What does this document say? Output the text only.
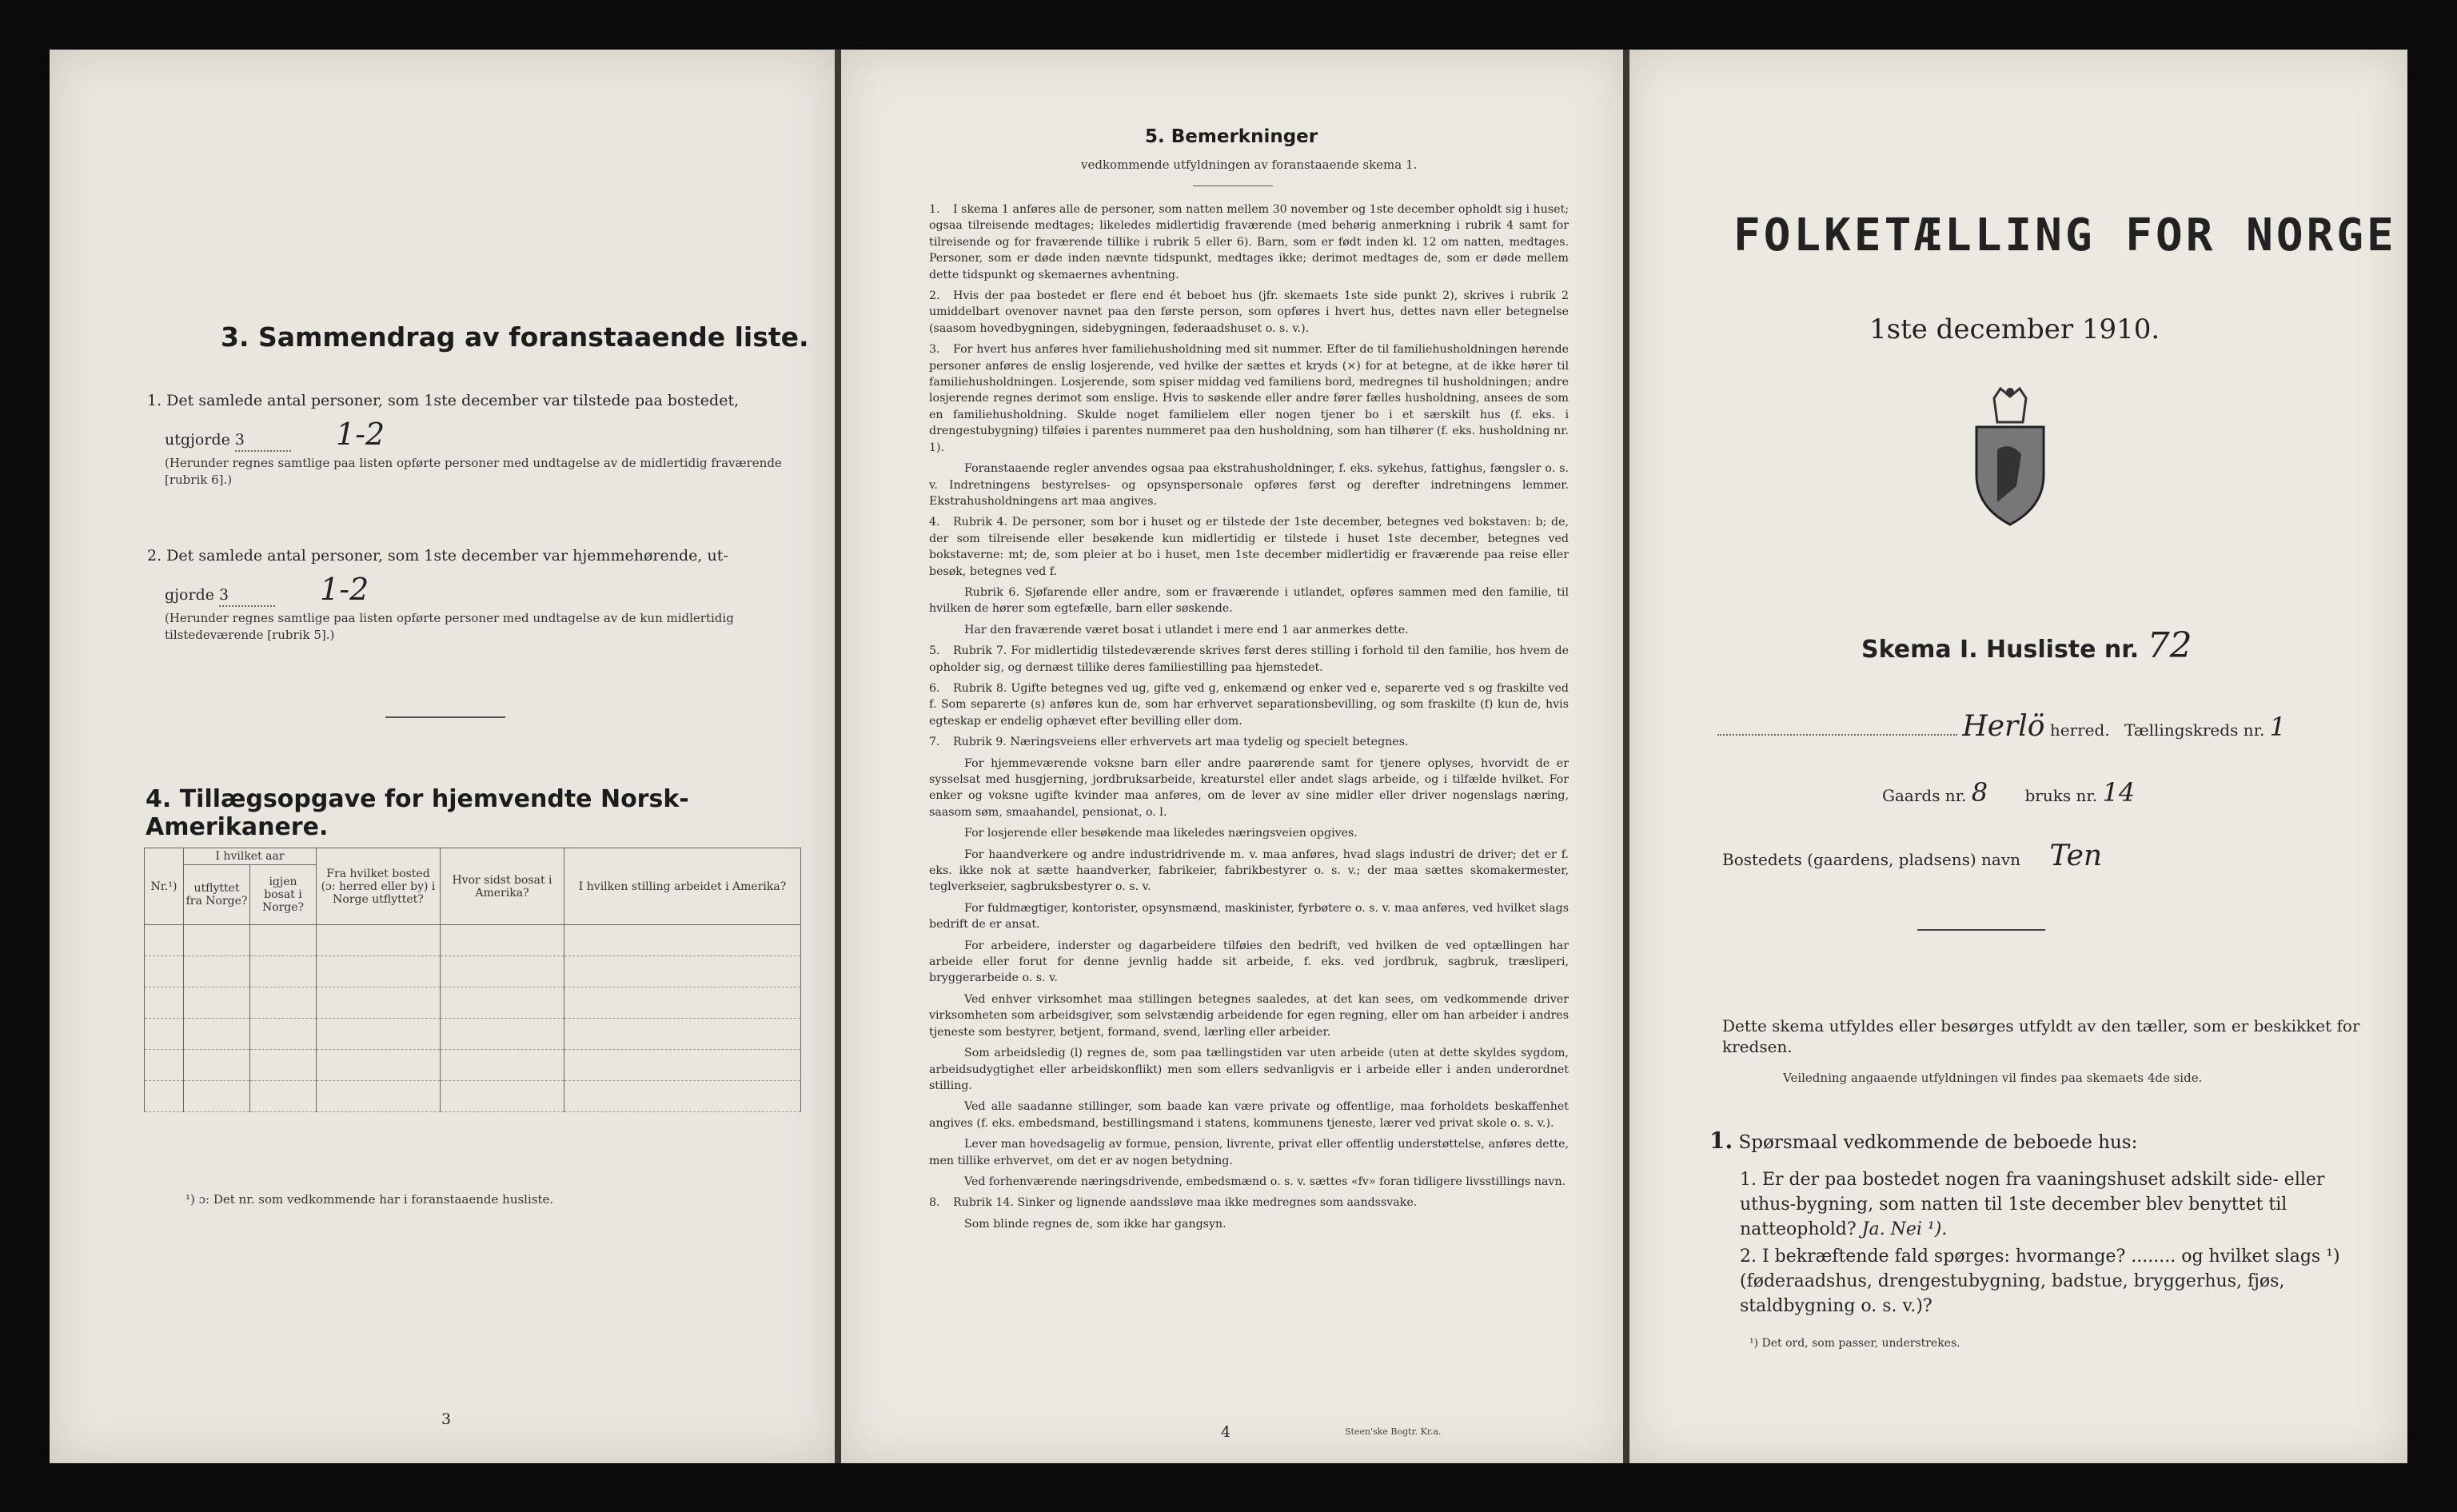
3. Sammendrag av foranstaaende liste.
1. Det samlede antal personer, som 1ste december var tilstede paa bostedet,
utgjorde 3	1-2
(Herunder regnes samtlige paa listen opførte personer med undtagelse av de midlertidig fraværende [rubrik 6].)
2. Det samlede antal personer, som 1ste december var hjemmehørende, ut-
gjorde 3	1-2
(Herunder regnes samtlige paa listen opførte personer med undtagelse av de kun midlertidig tilstedeværende [rubrik 5].)
4. Tillægsopgave for hjemvendte Norsk-Amerikanere.
Nr.¹)	I hvilket aar		Fra hvilket bosted (ɔ: herred eller by) i Norge utflyttet?	Hvor sidst bosat i Amerika?	I hvilken stilling arbeidet i Amerika?
	utflyttet fra Norge?	igjen bosat i Norge?			

¹) ɔ: Det nr. som vedkommende har i foranstaaende husliste.
3
5. Bemerkninger
vedkommende utfyldningen av foranstaaende skema 1.

1. I skema 1 anføres alle de personer, som natten mellem 30 november og 1ste december opholdt sig i huset; ogsaa tilreisende medtages; likeledes midlertidig fraværende (med behørig anmerkning i rubrik 4 samt for tilreisende og for fraværende tillike i rubrik 5 eller 6). Barn, som er født inden kl. 12 om natten, medtages. Personer, som er døde inden nævnte tidspunkt, medtages ikke; derimot medtages de, som er døde mellem dette tidspunkt og skemaernes avhentning.

2. Hvis der paa bostedet er flere end ét beboet hus (jfr. skemaets 1ste side punkt 2), skrives i rubrik 2 umiddelbart ovenover navnet paa den første person, som opføres i hvert hus, dettes navn eller betegnelse (saasom hovedbygningen, sidebygningen, føderaadshuset o. s. v.).

3. For hvert hus anføres hver familiehusholdning med sit nummer. Efter de til familiehusholdningen hørende personer anføres de enslig losjerende, ved hvilke der sættes et kryds (×) for at betegne, at de ikke hører til familiehusholdningen. Losjerende, som spiser middag ved familiens bord, medregnes til husholdningen; andre losjerende regnes derimot som enslige. Hvis to søskende eller andre fører fælles husholdning, ansees de som en familiehusholdning. Skulde noget familielem eller nogen tjener bo i et særskilt hus (f. eks. i drengestubygning) tilføies i parentes nummeret paa den husholdning, som han tilhører (f. eks. husholdning nr. 1).

Foranstaaende regler anvendes ogsaa paa ekstrahusholdninger, f. eks. sykehus, fattighus, fængsler o. s. v. Indretningens bestyrelses- og opsynspersonale opføres først og derefter indretningens lemmer. Ekstrahusholdningens art maa angives.

4. Rubrik 4. De personer, som bor i huset og er tilstede der 1ste december, betegnes ved bokstaven: b; de, der som tilreisende eller besøkende kun midlertidig er tilstede i huset 1ste december, betegnes ved bokstaverne: mt; de, som pleier at bo i huset, men 1ste december midlertidig er fraværende paa reise eller besøk, betegnes ved f.

Rubrik 6. Sjøfarende eller andre, som er fraværende i utlandet, opføres sammen med den familie, til hvilken de hører som egtefælle, barn eller søskende.

Har den fraværende været bosat i utlandet i mere end 1 aar anmerkes dette.

5. Rubrik 7. For midlertidig tilstedeværende skrives først deres stilling i forhold til den familie, hos hvem de opholder sig, og dernæst tillike deres familiestilling paa hjemstedet.

6. Rubrik 8. Ugifte betegnes ved ug, gifte ved g, enkemænd og enker ved e, separerte ved s og fraskilte ved f. Som separerte (s) anføres kun de, som har erhvervet separationsbevilling, og som fraskilte (f) kun de, hvis egteskap er endelig ophævet efter bevilling eller dom.

7. Rubrik 9. Næringsveiens eller erhvervets art maa tydelig og specielt betegnes.

For hjemmeværende voksne barn eller andre paarørende samt for tjenere oplyses, hvorvidt de er sysselsat med husgjerning, jordbruksarbeide, kreaturstel eller andet slags arbeide, og i tilfælde hvilket. For enker og voksne ugifte kvinder maa anføres, om de lever av sine midler eller driver nogenslags næring, saasom søm, smaahandel, pensionat, o. l.

For losjerende eller besøkende maa likeledes næringsveien opgives.

For haandverkere og andre industridrivende m. v. maa anføres, hvad slags industri de driver; det er f. eks. ikke nok at sætte haandverker, fabrikeier, fabrikbestyrer o. s. v.; der maa sættes skomakermester, teglverkseier, sagbruksbestyrer o. s. v.

For fuldmægtiger, kontorister, opsynsmænd, maskinister, fyrbøtere o. s. v. maa anføres, ved hvilket slags bedrift de er ansat.

For arbeidere, inderster og dagarbeidere tilføies den bedrift, ved hvilken de ved optællingen har arbeide eller forut for denne jevnlig hadde sit arbeide, f. eks. ved jordbruk, sagbruk, træsliperi, bryggerarbeide o. s. v.

Ved enhver virksomhet maa stillingen betegnes saaledes, at det kan sees, om vedkommende driver virksomheten som arbeidsgiver, som selvstændig arbeidende for egen regning, eller om han arbeider i andres tjeneste som bestyrer, betjent, formand, svend, lærling eller arbeider.

Som arbeidsledig (l) regnes de, som paa tællingstiden var uten arbeide (uten at dette skyldes sygdom, arbeidsudygtighet eller arbeidskonflikt) men som ellers sedvanligvis er i arbeide eller i anden underordnet stilling.

Ved alle saadanne stillinger, som baade kan være private og offentlige, maa forholdets beskaffenhet angives (f. eks. embedsmand, bestillingsmand i statens, kommunens tjeneste, lærer ved privat skole o. s. v.).

Lever man hovedsagelig av formue, pension, livrente, privat eller offentlig understøttelse, anføres dette, men tillike erhvervet, om det er av nogen betydning.

Ved forhenværende næringsdrivende, embedsmænd o. s. v. sættes «fv» foran tidligere livsstillings navn.

8. Rubrik 14. Sinker og lignende aandssløve maa ikke medregnes som aandssvake.

Som blinde regnes de, som ikke har gangsyn.

4	Steen'ske Bogtr. Kr.a.
FOLKETÆLLING FOR NORGE
1ste december 1910.
Skema I. Husliste nr. 72
Herlö herred. Tællingskreds nr. 1
Gaards nr. 8 bruks nr. 14
Bostedets (gaardens, pladsens) navn Ten
Dette skema utfyldes eller besørges utfyldt av den tæller, som er beskikket for kredsen.
Veiledning angaaende utfyldningen vil findes paa skemaets 4de side.
1. Spørsmaal vedkommende de beboede hus:
1. Er der paa bostedet nogen fra vaaningshuset adskilt side- eller uthus-bygning, som natten til 1ste december blev benyttet til natteophold? Ja. Nei ¹).
2. I bekræftende fald spørges: hvormange? ........ og hvilket slags ¹) (føderaadshus, drengestubygning, badstue, bryggerhus, fjøs, staldbygning o. s. v.)?
¹) Det ord, som passer, understrekes.
